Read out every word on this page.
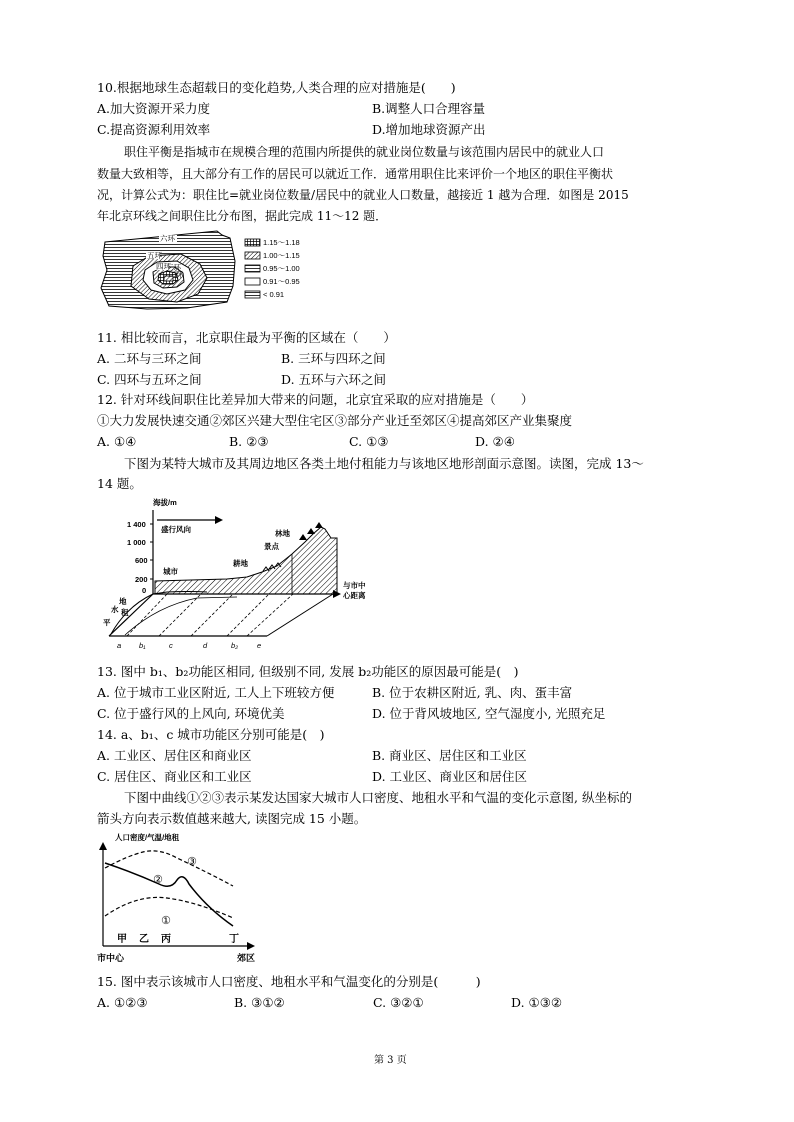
10.根据地球生态超载日的变化趋势,人类合理的应对措施是(　　)
A.加大资源开采力度	B.调整人口合理容量
C.提高资源利用效率	D.增加地球资源产出
职住平衡是指城市在规模合理的范围内所提供的就业岗位数量与该范围内居民中的就业人口
数量大致相等，且大部分有工作的居民可以就近工作．通常用职住比来评价一个地区的职住平衡状
况，计算公式为：职住比=就业岗位数量/居民中的就业人口数量，越接近 1 越为合理．如图是 2015
年北京环线之间职住比分布图，据此完成 11～12 题．
六环
五环
四环
三环
二环
1.15～1.18
1.00～1.15
0.95～1.00
0.91～0.95
< 0.91
11. 相比较而言，北京职住最为平衡的区域在（　　）
A. 二环与三环之间	B. 三环与四环之间
C. 四环与五环之间	D. 五环与六环之间
12. 针对环线间职住比差异加大带来的问题，北京宜采取的应对措施是（　　）
①大力发展快速交通②郊区兴建大型住宅区③部分产业迁至郊区④提高郊区产业集聚度
A. ①④	B. ②③	C. ①③	D. ②④
下图为某特大城市及其周边地区各类土地付租能力与该地区地形剖面示意图。读图，完成 13～
14 题。
海拔/m
1 400
1 000
600
200
0
盛行风向
城市
耕地
景点
林地
与市中
心距离
地
租
水
平
a b₁	c	d	b₂	e
13. 图中 b₁、b₂功能区相同, 但级别不同, 发展 b₂功能区的原因最可能是(　)
A. 位于城市工业区附近, 工人上下班较方便	B. 位于农耕区附近, 乳、肉、蛋丰富
C. 位于盛行风的上风向, 环境优美	D. 位于背风坡地区, 空气湿度小, 光照充足
14. a、b₁、c 城市功能区分别可能是(　)
A. 工业区、居住区和商业区	B. 商业区、居住区和工业区
C. 居住区、商业区和工业区	D. 工业区、商业区和居住区
下图中曲线①②③表示某发达国家大城市人口密度、地租水平和气温的变化示意图, 纵坐标的
箭头方向表示数值越来越大, 读图完成 15 小题。
人口密度/气温/地租
③
②
①
甲 乙 丙	丁
市中心	郊区
15. 图中表示该城市人口密度、地租水平和气温变化的分别是(　　　)
A. ①②③	B. ③①②	C. ③②①	D. ①③②
第 3 页
